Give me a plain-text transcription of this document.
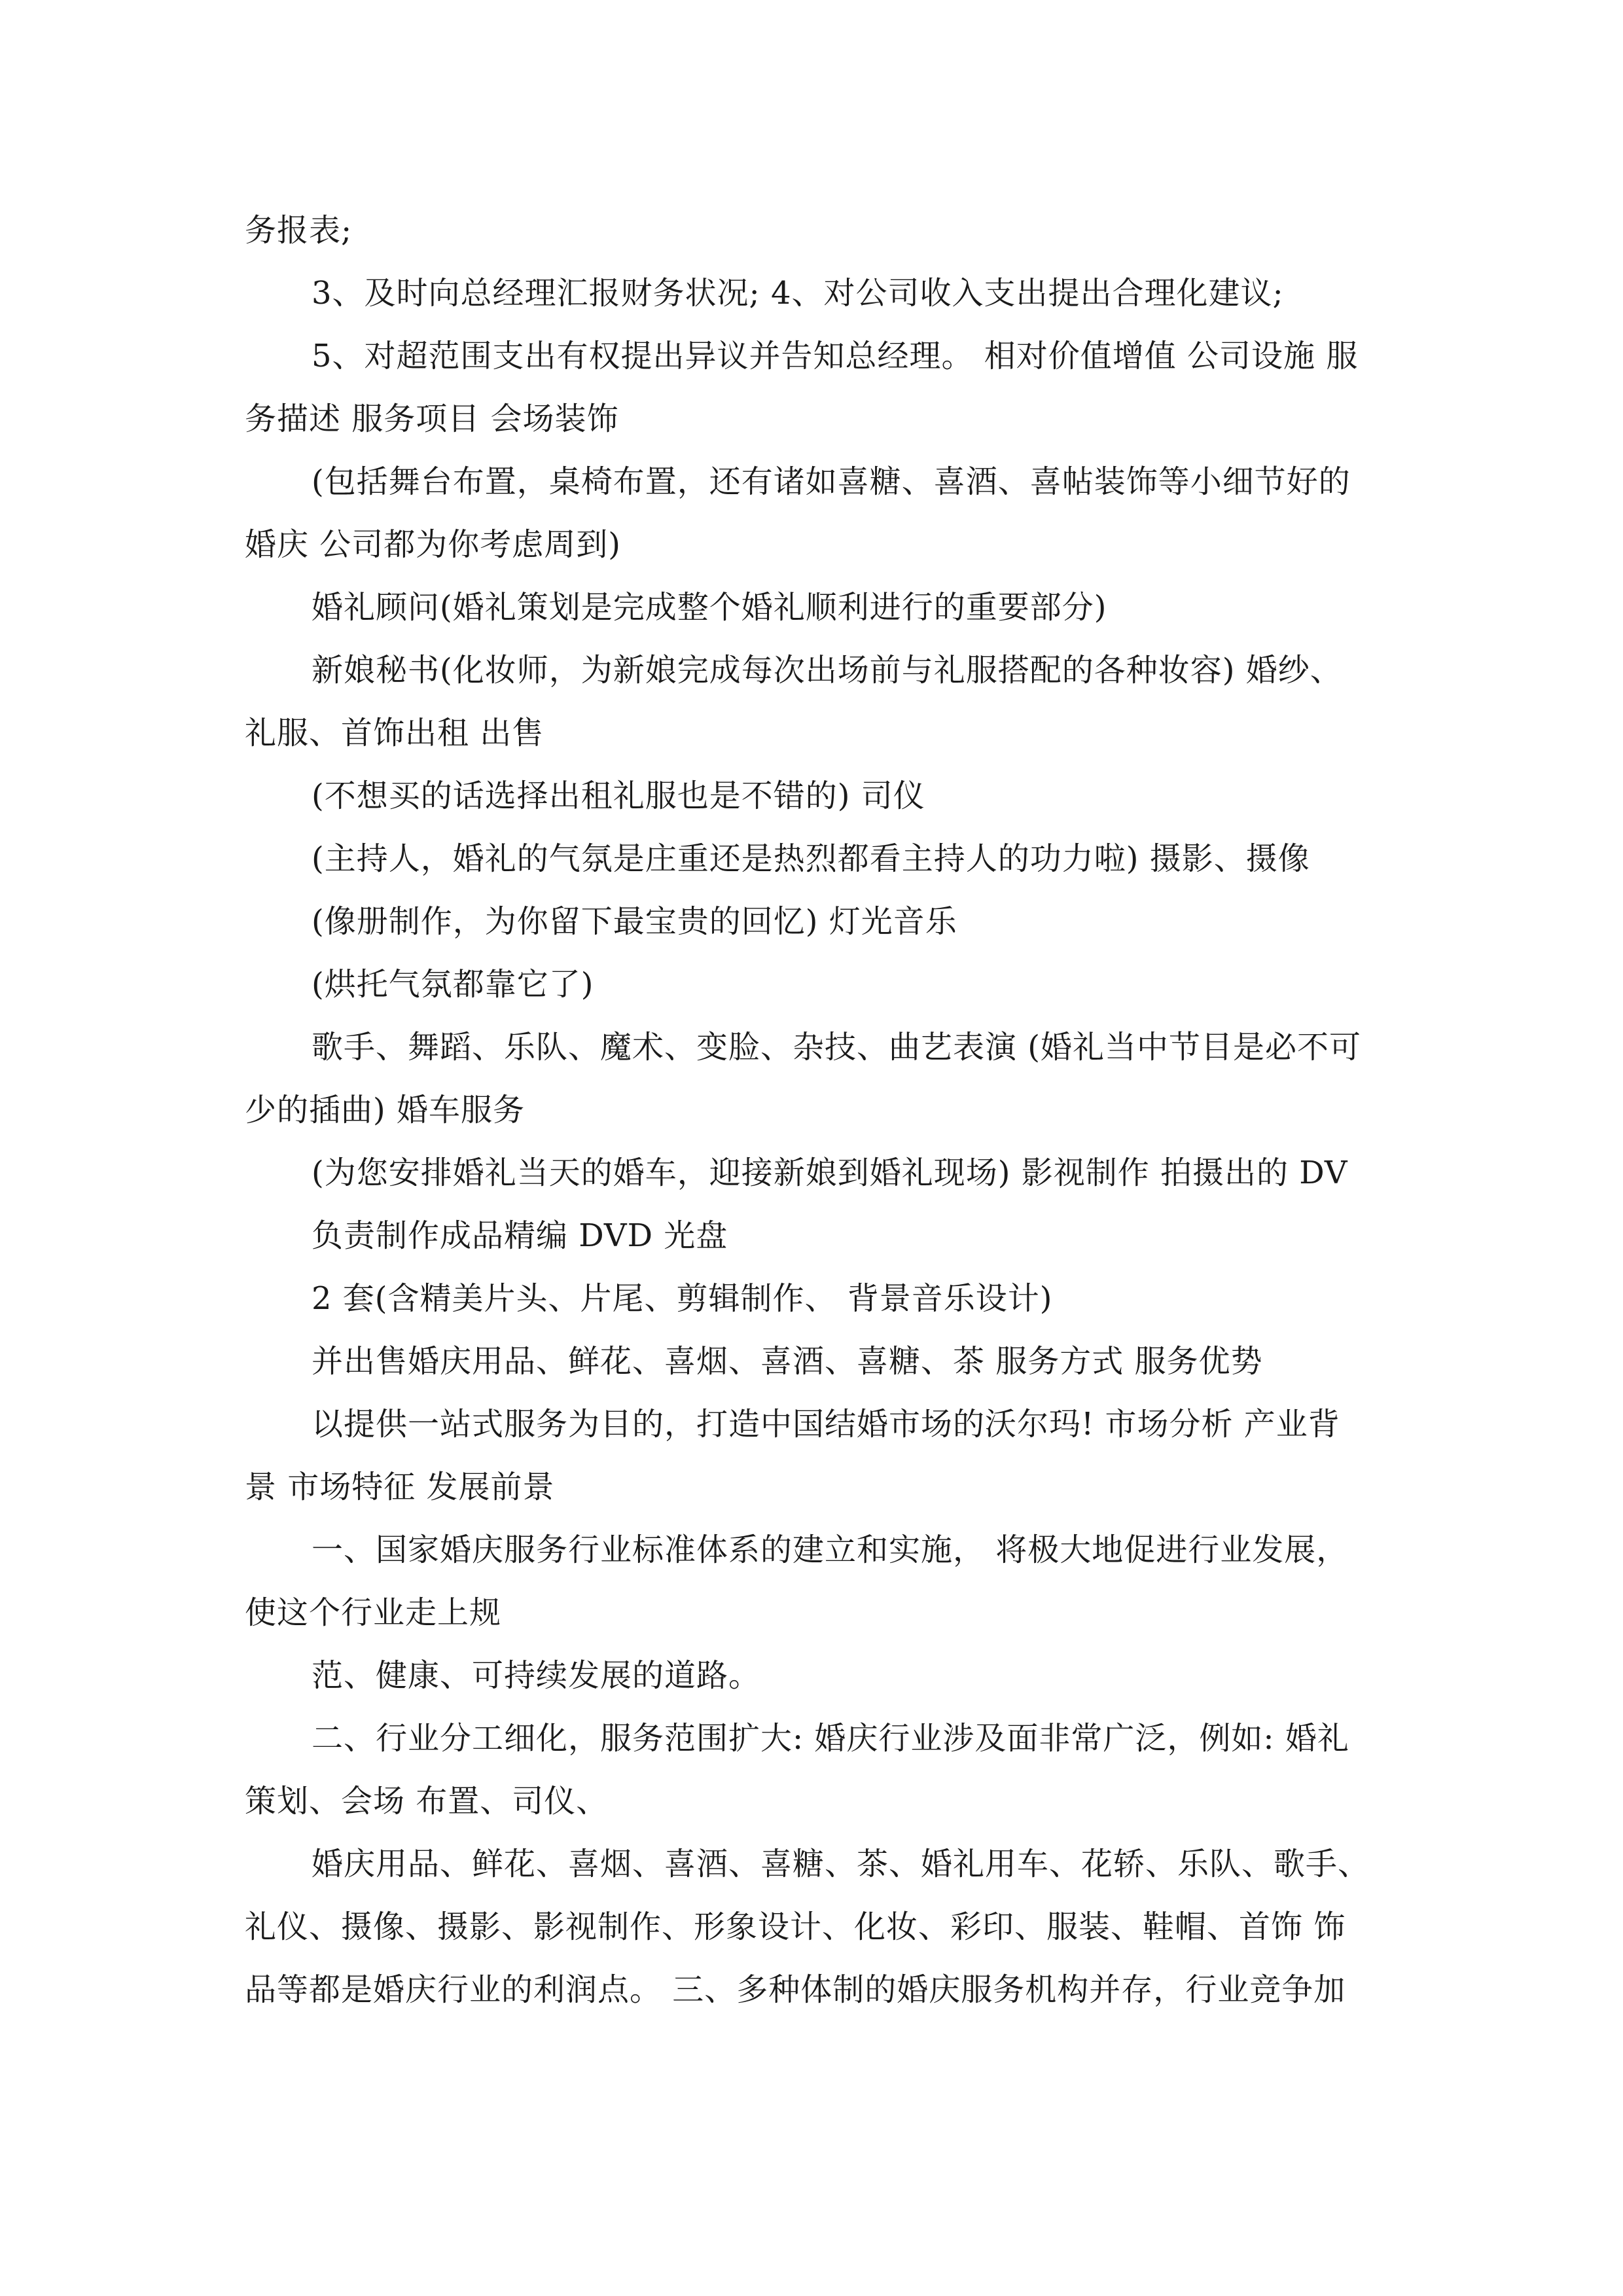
务报表;
3、及时向总经理汇报财务状况; 4、对公司收入支出提出合理化建议;
5、对超范围支出有权提出异议并告知总经理。 相对价值增值 公司设施 服
务描述 服务项目 会场装饰
(包括舞台布置，桌椅布置，还有诸如喜糖、喜酒、喜帖装饰等小细节好的
婚庆 公司都为你考虑周到)
婚礼顾问(婚礼策划是完成整个婚礼顺利进行的重要部分)
新娘秘书(化妆师，为新娘完成每次出场前与礼服搭配的各种妆容) 婚纱、
礼服、首饰出租 出售
(不想买的话选择出租礼服也是不错的) 司仪
(主持人，婚礼的气氛是庄重还是热烈都看主持人的功力啦) 摄影、摄像
(像册制作，为你留下最宝贵的回忆) 灯光音乐
(烘托气氛都靠它了)
歌手、舞蹈、乐队、魔术、变脸、杂技、曲艺表演 (婚礼当中节目是必不可
少的插曲) 婚车服务
(为您安排婚礼当天的婚车，迎接新娘到婚礼现场) 影视制作 拍摄出的 DV
负责制作成品精编 DVD 光盘
2 套(含精美片头、片尾、剪辑制作、 背景音乐设计)
并出售婚庆用品、鲜花、喜烟、喜酒、喜糖、茶 服务方式 服务优势
以提供一站式服务为目的，打造中国结婚市场的沃尔玛! 市场分析 产业背
景 市场特征 发展前景
一、国家婚庆服务行业标准体系的建立和实施， 将极大地促进行业发展，
使这个行业走上规
范、健康、可持续发展的道路。
二、行业分工细化，服务范围扩大: 婚庆行业涉及面非常广泛，例如: 婚礼
策划、会场 布置、司仪、
婚庆用品、鲜花、喜烟、喜酒、喜糖、茶、婚礼用车、花轿、乐队、歌手、
礼仪、摄像、摄影、影视制作、形象设计、化妆、彩印、服装、鞋帽、首饰 饰
品等都是婚庆行业的利润点。 三、多种体制的婚庆服务机构并存，行业竞争加
